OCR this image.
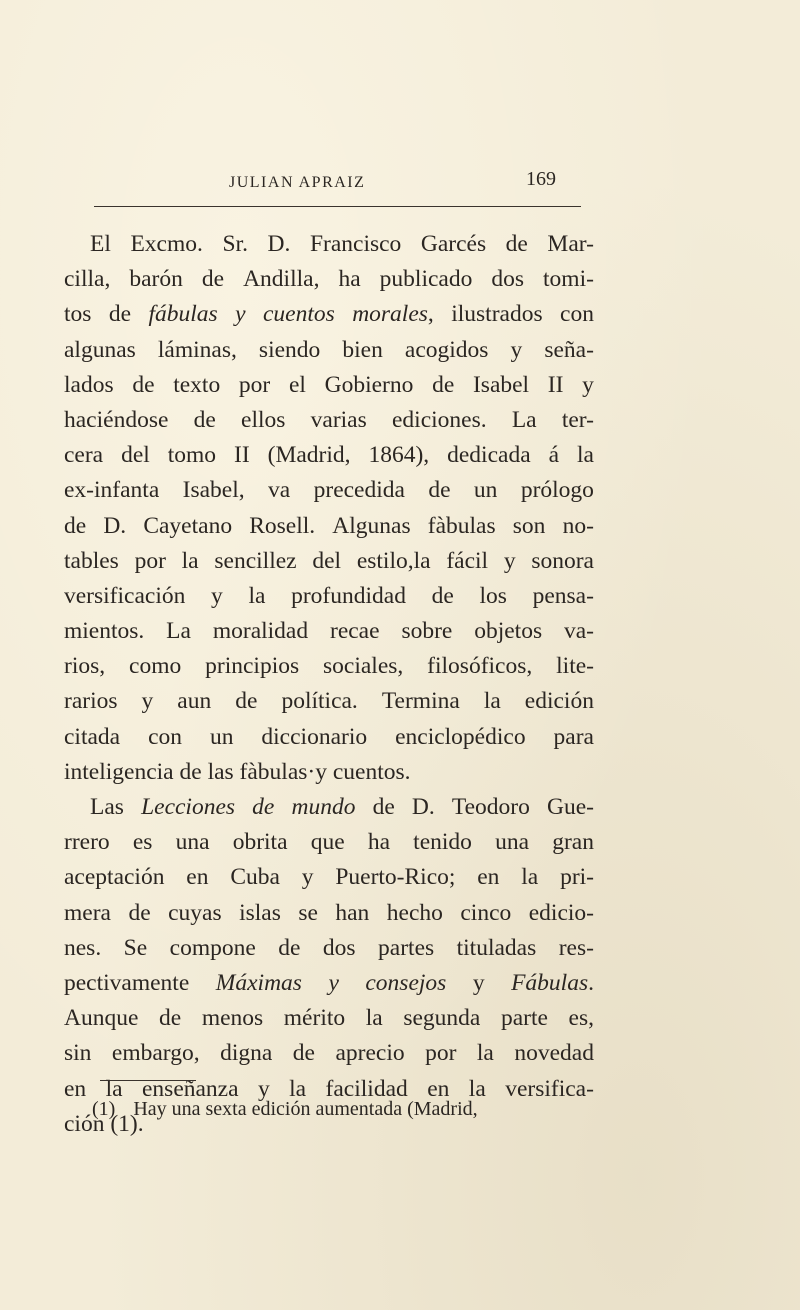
JULIAN APRAIZ	169
El Excmo. Sr. D. Francisco Garcés de Mar-
cilla, barón de Andilla, ha publicado dos tomi-
tos de fábulas y cuentos morales, ilustrados con
algunas láminas, siendo bien acogidos y seña-
lados de texto por el Gobierno de Isabel II y
haciéndose de ellos varias ediciones. La ter-
cera del tomo II (Madrid, 1864), dedicada á la
ex-infanta Isabel, va precedida de un prólogo
de D. Cayetano Rosell. Algunas fàbulas son no-
tables por la sencillez del estilo,la fácil y sonora
versificación y la profundidad de los pensa-
mientos. La moralidad recae sobre objetos va-
rios, como principios sociales, filosóficos, lite-
rarios y aun de política. Termina la edición
citada con un diccionario enciclopédico para
inteligencia
de
las
fàbulas·y
cuentos.
Las Lecciones de mundo de D. Teodoro Gue-
rrero es una obrita que ha tenido una gran
aceptación en Cuba y Puerto-Rico; en la pri-
mera de cuyas islas se han hecho cinco edicio-
nes. Se compone de dos partes tituladas res-
pectivamente Máximas y consejos y Fábulas.
Aunque de menos mérito la segunda parte es,
sin embargo, digna de aprecio por la novedad
en la enseñanza y la facilidad en la versifica-
ción
(1).
(1) Hay una sexta edición aumentada (Madrid,
